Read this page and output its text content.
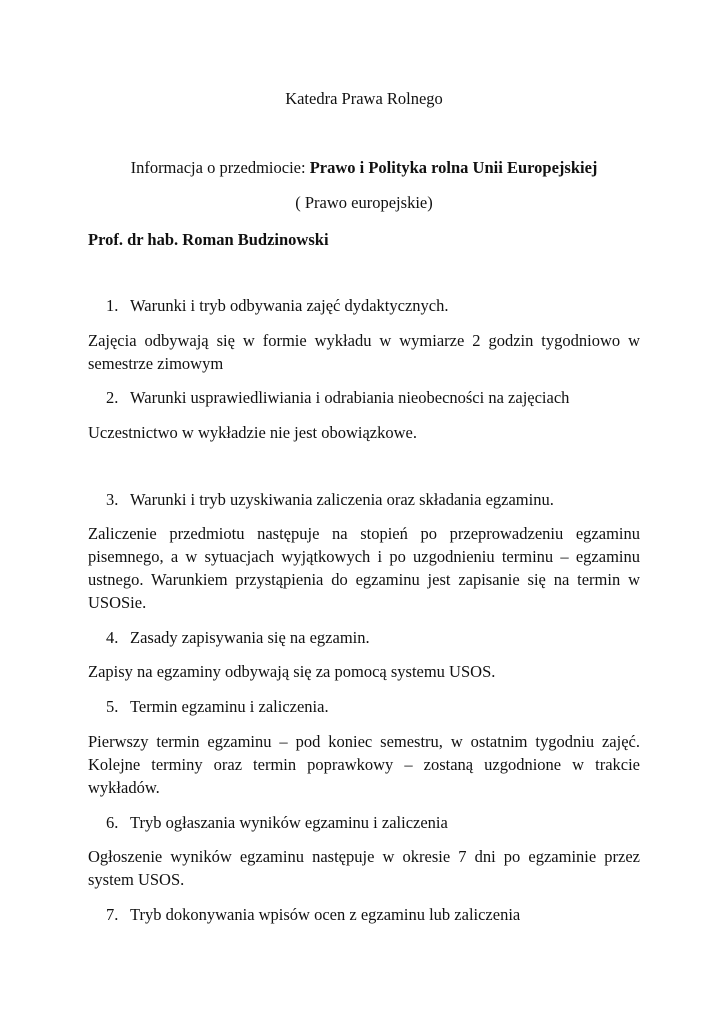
Katedra Prawa Rolnego
Informacja o przedmiocie: Prawo i Polityka rolna Unii Europejskiej
( Prawo europejskie)
Prof. dr hab. Roman Budzinowski
1. Warunki i tryb odbywania zajęć dydaktycznych.
Zajęcia odbywają się w formie wykładu w wymiarze 2 godzin tygodniowo w semestrze zimowym
2. Warunki usprawiedliwiania i odrabiania nieobecności na zajęciach
Uczestnictwo w wykładzie nie jest obowiązkowe.
3. Warunki i tryb uzyskiwania zaliczenia oraz składania egzaminu.
Zaliczenie przedmiotu następuje na stopień po przeprowadzeniu egzaminu pisemnego, a w sytuacjach wyjątkowych i po uzgodnieniu terminu – egzaminu ustnego. Warunkiem przystąpienia do egzaminu jest zapisanie się na termin w USOSie.
4. Zasady zapisywania się na egzamin.
Zapisy na egzaminy odbywają się za pomocą systemu USOS.
5. Termin egzaminu i zaliczenia.
Pierwszy termin egzaminu – pod koniec semestru, w ostatnim tygodniu zajęć. Kolejne terminy oraz termin poprawkowy – zostaną uzgodnione w trakcie wykładów.
6. Tryb ogłaszania wyników egzaminu i zaliczenia
Ogłoszenie wyników egzaminu następuje w okresie 7 dni po egzaminie przez system USOS.
7. Tryb dokonywania wpisów ocen z egzaminu lub zaliczenia
